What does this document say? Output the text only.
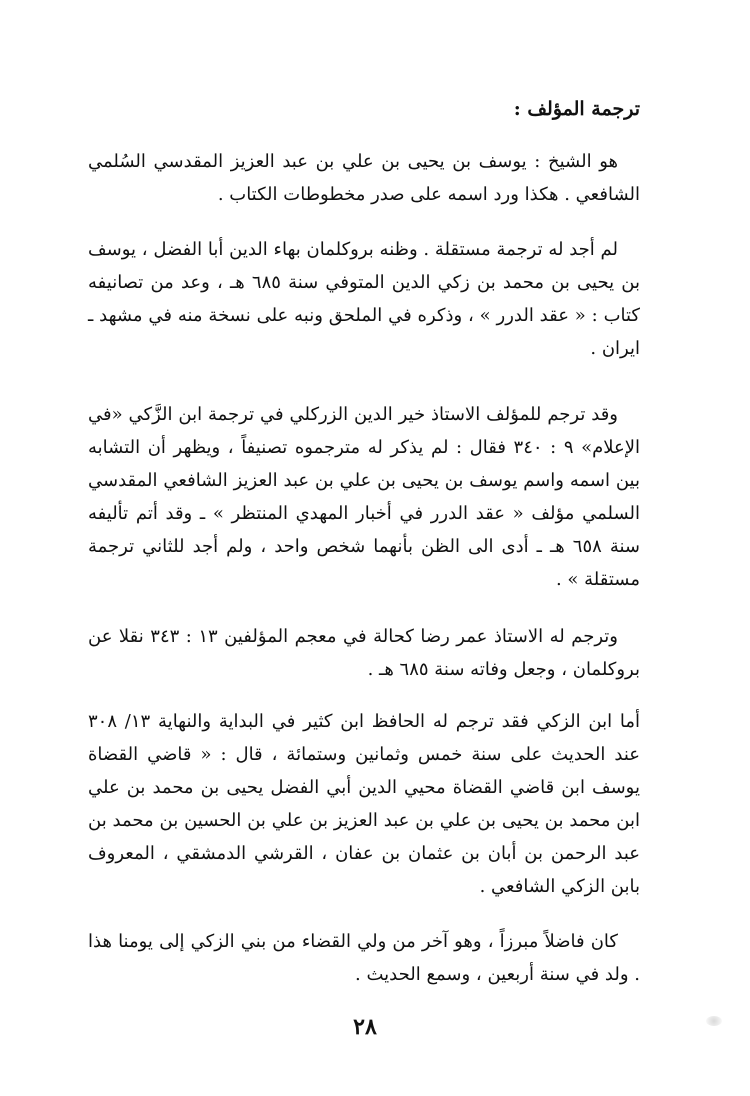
ترجمة المؤلف :

هو الشيخ : يوسف بن يحيى بن علي بن عبد العزيز المقدسي السُلمي الشافعي . هكذا ورد اسمه على صدر مخطوطات الكتاب .

لم أجد له ترجمة مستقلة . وظنه بروكلمان بهاء الدين أبا الفضل ، يوسف بن يحيى بن محمد بن زكي الدين المتوفي سنة ٦٨٥ هـ ، وعد من تصانيفه كتاب : « عقد الدرر » ، وذكره في الملحق ونبه على نسخة منه في مشهد ـ ايران .

وقد ترجم للمؤلف الاستاذ خير الدين الزركلي في ترجمة ابن الزَّكي «في الإعلام» ٩ : ٣٤٠ فقال : لم يذكر له مترجموه تصنيفاً ، ويظهر أن التشابه بين اسمه واسم يوسف بن يحيى بن علي بن عبد العزيز الشافعي المقدسي السلمي مؤلف « عقد الدرر في أخبار المهدي المنتظر » ـ وقد أتم تأليفه سنة ٦٥٨ هـ ـ أدى الى الظن بأنهما شخص واحد ، ولم أجد للثاني ترجمة مستقلة » .

وترجم له الاستاذ عمر رضا كحالة في معجم المؤلفين ١٣ : ٣٤٣ نقلا عن بروكلمان ، وجعل وفاته سنة ٦٨٥ هـ .

أما ابن الزكي فقد ترجم له الحافظ ابن كثير في البداية والنهاية ١٣/ ٣٠٨ عند الحديث على سنة خمس وثمانين وستمائة ، قال : « قاضي القضاة يوسف ابن قاضي القضاة محيي الدين أبي الفضل يحيى بن محمد بن علي ابن محمد بن يحيى بن علي بن عبد العزيز بن علي بن الحسين بن محمد بن عبد الرحمن بن أبان بن عثمان بن عفان ، القرشي الدمشقي ، المعروف بابن الزكي الشافعي .

كان فاضلاً مبرزاً ، وهو آخر من ولي القضاء من بني الزكي إلى يومنا هذا . ولد في سنة أربعين ، وسمع الحديث .

٢٨
